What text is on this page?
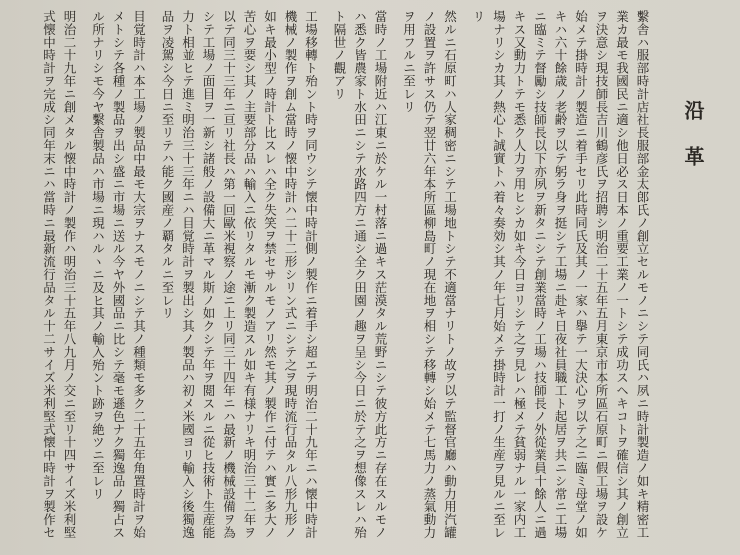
沿革

繫舎ハ服部時計店社長服部金太郎氏ノ創立セルモノニシテ同氏ハ夙ニ時計製造ノ如キ精密工業カ最モ我國民ニ適シ他日必ス日本ノ重要工業ノ一トシテ成功スヘキコトヲ確信シ其ノ創立ヲ決意シ現技師長吉川鶴彦氏ヲ招聘シ明治二十五年五月東京市本所區石原町ニ假工場ヲ設ケ始メテ掛時計ノ製造ニ着手セリ此時同氏及其ノ一家ハ擧テ一大決心ヲ以テ之ニ臨ミ母堂ノ如キハ六十餘歳ノ老齢ヲ以テ躬ラ身ヲ挺シテ工場ニ赴キ日夜社員職工ト起居ヲ共ニシ常ニ工場ニ臨ミテ督勵シ技師長以下亦夙ヲ新タニシテ創業當時ノ工場ハ技師長ノ外從業員十餘人ニ過キス又動力トテモ悉ク人力ヲ用ヒシカ如キ今日ヨリシテ之ヲ見レハ極メテ貧弱ナル一家内工場ナリシカ其ノ熱心ト誠實トハ着々奏効シ其ノ年七月始メテ掛時計一打ノ生産ヲ見ルニ至レリ

然ルニ石原町ハ人家稠密ニシテ工場地トシテ不適當ナリトノ故ヲ以テ監督官廳ハ動力用汽罐ノ設置ヲ許サス仍テ翌廿六年本所區柳島町ノ現在地ヲ相シテ移轉シ始メテ七馬力ノ蒸氣動力ヲ用フルニ至レリ

當時ノ工場附近ハ江東ニ於ケル一村落ニ過キス茫漠タル荒野ニシテ彼方此方ニ存在スルモノハ悉ク皆農家ト水田ニシテ水路四方ニ通シ全ク田園ノ趣ヲ呈シ今日ニ於テ之ヲ想像スレハ殆ト隔世ノ觀アリ

工場移轉ト殆ント時ヲ同ウシテ懐中時計側ノ製作ニ着手シ超エテ明治二十九年ニハ懐中時計機械ノ製作ヲ創ム當時ノ懐中時計ハ二十二形シリン式ニシテ之ヲ現時流行品タル八形九形ノ如キ最小型ノ時計ト比スレハ全ク失笑ヲ禁セサルモノアリ然モ其ノ製作ニ付テハ實ニ多大ノ苦心ヲ要シ其ノ主要部分品ハ輸入ニ依リタルモ漸ク製造スル如キ有様ナリキ明治三十二年ヲ以テ同三十三年ニ亘リ社長ハ第一回歐米視察ノ途ニ上リ同三十四年ニハ最新ノ機械設備ヲ為シテ工場ノ面目ヲ一新シ諸般ノ設備大ニ革マル斯ノ如クシテ年ヲ閲スルニ從ヒ技術ト生産能力ト相並ヒテ進ミ明治三十三年ニハ目覚時計ヲ製出シ其ノ製品ハ初メ米國ヨリ輸入シ後獨逸品ヲ凌駕シ今日ニ至リテハ能ク國産ノ覇タルニ至レリ

目覚時計ハ本工場ノ製品中最モ大宗ヲナスモノニシテ其ノ種類モ多ク二十五年角置時計ヲ始メトシテ各種ノ製品ヲ出シ盛ニ市場ニ送ル今ヤ外國品ニ比シテ毫モ遜色ナク獨逸品ノ獨占スル所ナリシモ今ヤ繫舎製品ハ市場ニ現ハルヽニ及ヒ其ノ輸入殆ント跡ヲ絶ツニ至レリ

明治二十九年ニ創メタル懐中時計ノ製作ハ明治三十五年八九月ノ交ニ至リ十四サイズ米利堅式懐中時計ヲ完成シ同年末ニハ當時ニ最新流行品タル十二サイズ米利堅式懐中時計ヲ製作セ
